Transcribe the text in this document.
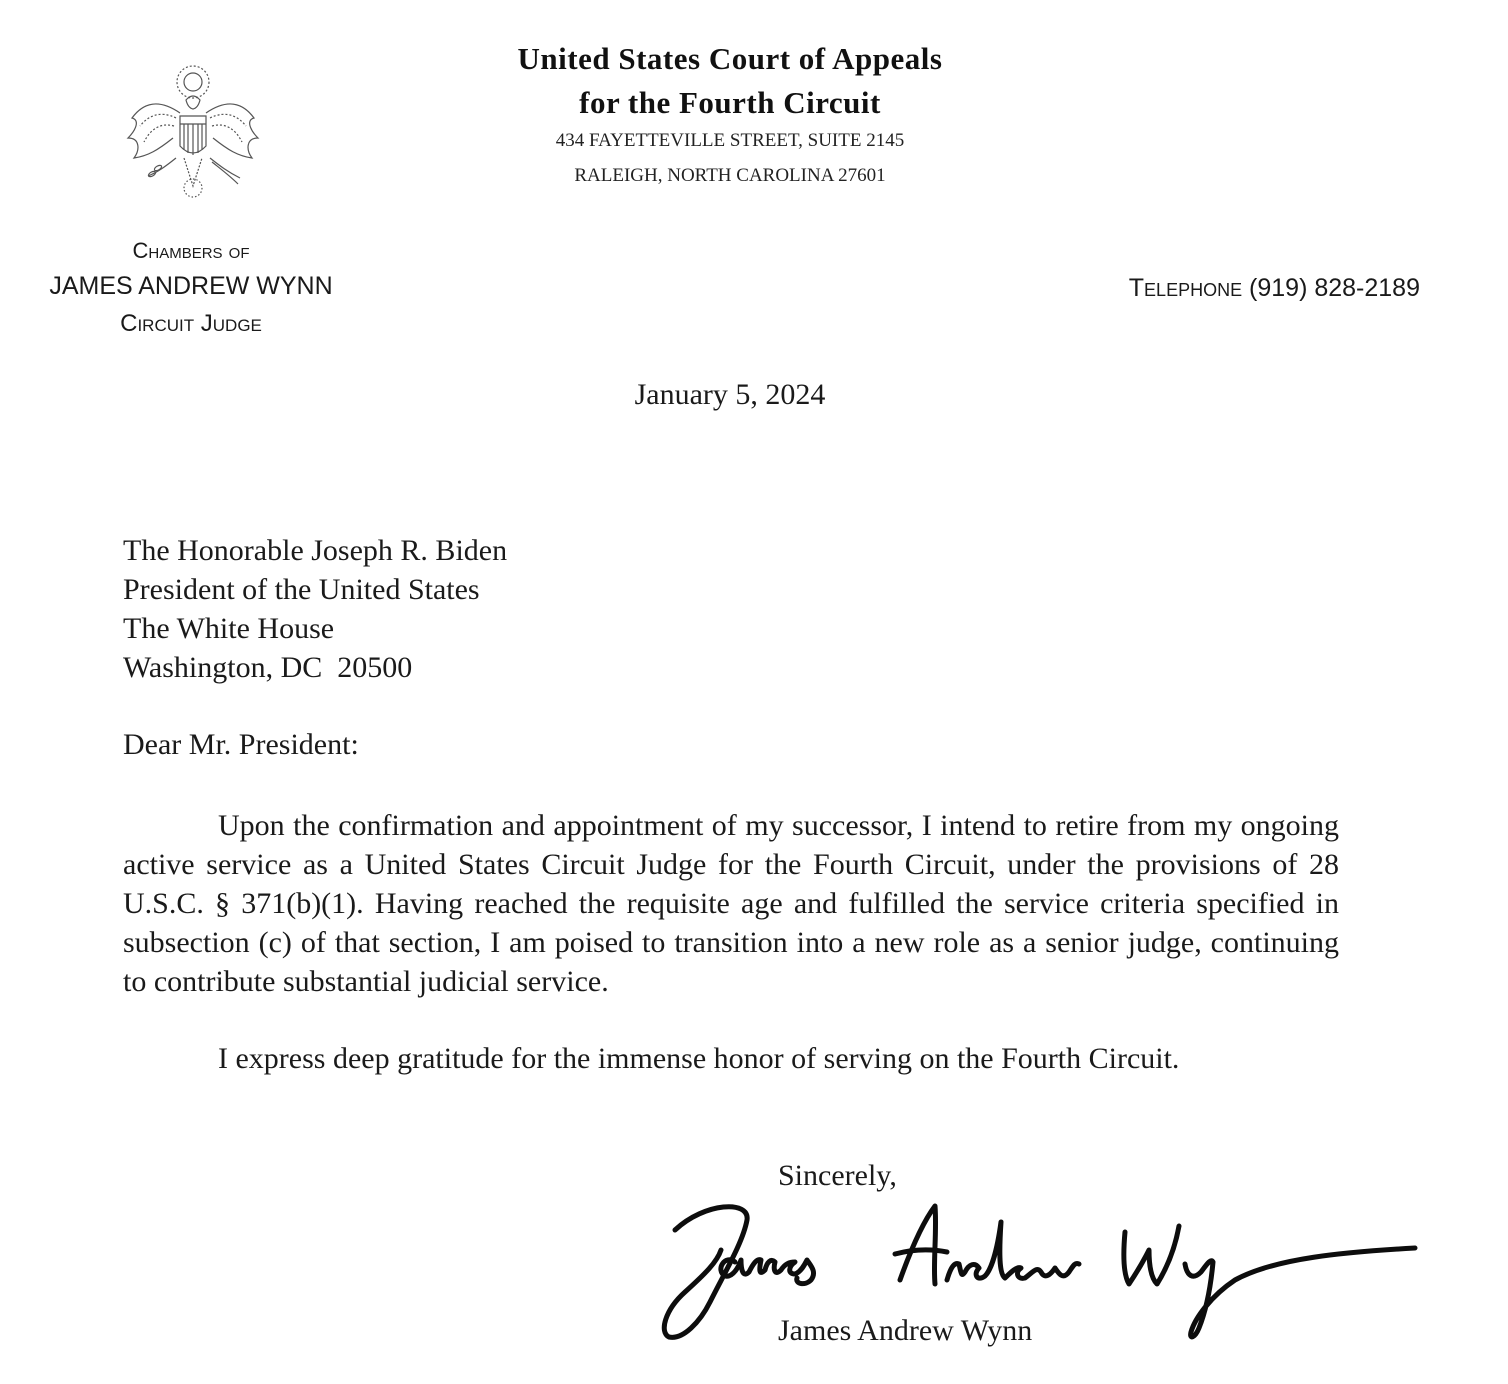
United States Court of Appeals
for the Fourth Circuit
434 FAYETTEVILLE STREET, SUITE 2145
RALEIGH, NORTH CAROLINA 27601
Chambers of
JAMES ANDREW WYNN
Circuit Judge
Telephone (919) 828-2189
January 5, 2024
The Honorable Joseph R. Biden
President of the United States
The White House
Washington, DC  20500
Dear Mr. President:
Upon the confirmation and appointment of my successor, I intend to retire from my ongoing active service as a United States Circuit Judge for the Fourth Circuit, under the provisions of 28 U.S.C. § 371(b)(1). Having reached the requisite age and fulfilled the service criteria specified in subsection (c) of that section, I am poised to transition into a new role as a senior judge, continuing to contribute substantial judicial service.
I express deep gratitude for the immense honor of serving on the Fourth Circuit.
Sincerely,
James Andrew Wynn
